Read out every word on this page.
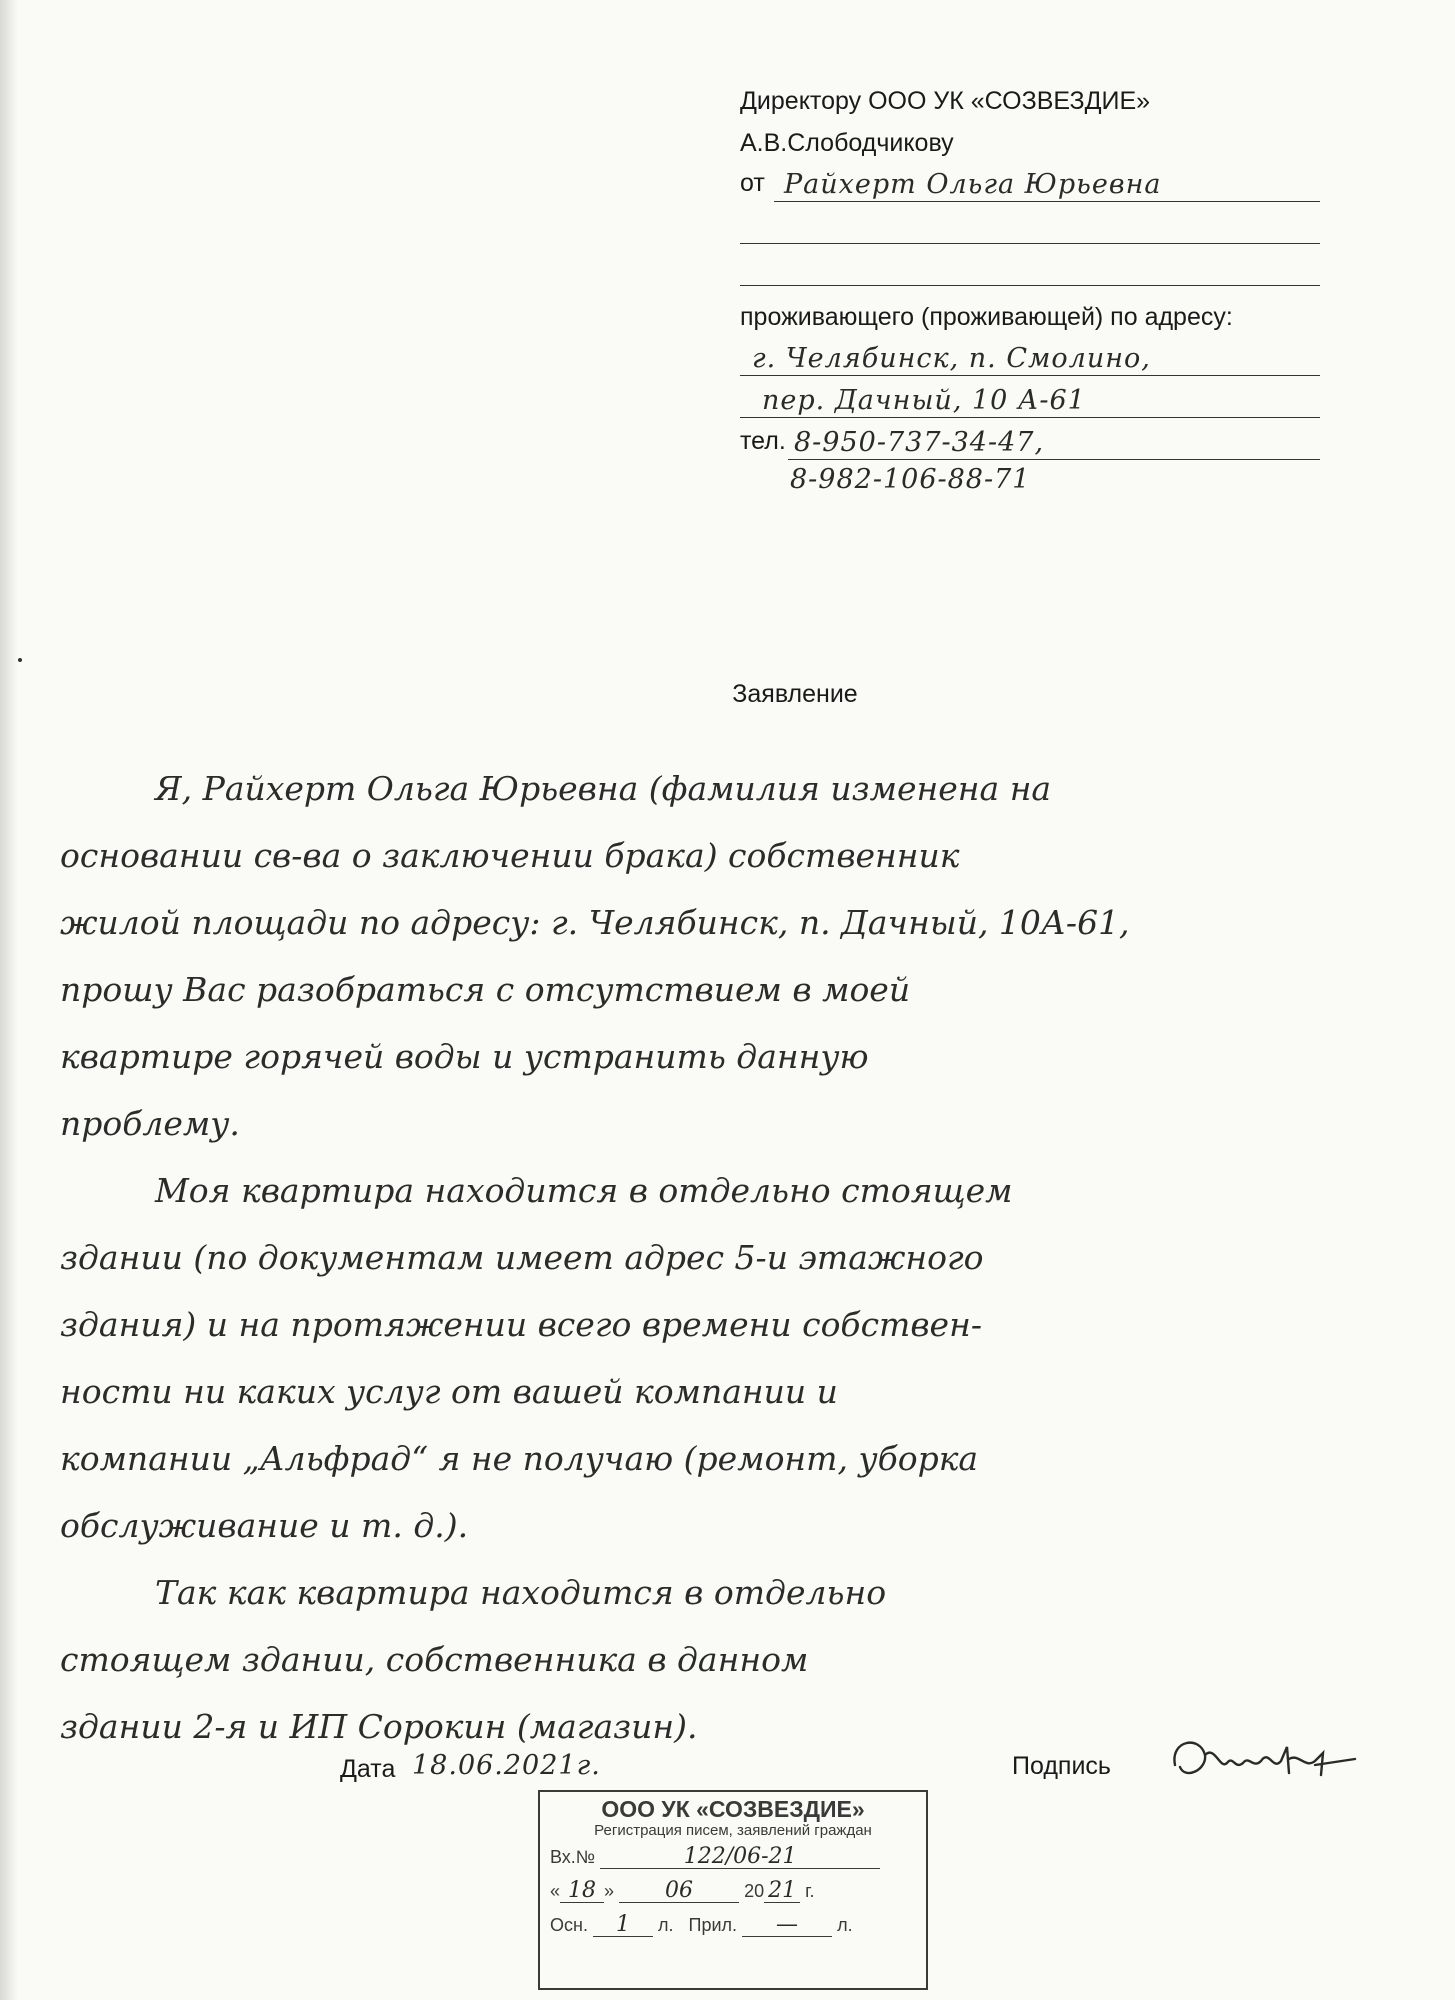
Директору ООО УК «СОЗВЕЗДИЕ»
А.В.Слободчикову
от Райхерт Ольга Юрьевна
проживающего (проживающей) по адресу:
г. Челябинск, п. Смолино,
пер. Дачный, 10 А-61
тел. 8-950-737-34-47,
8-982-106-88-71
Заявление
Я, Райхерт Ольга Юрьевна (фамилия изменена на
основании св-ва о заключении брака) собственник
жилой площади по адресу: г. Челябинск, п. Дачный, 10А-61,
прошу Вас разобраться с отсутствием в моей
квартире горячей воды и устранить данную
проблему.
Моя квартира находится в отдельно стоящем
здании (по документам имеет адрес 5-и этажного
здания) и на протяжении всего времени собствен-
ности ни каких услуг от вашей компании и
компании „Альфрад“ я не получаю (ремонт, уборка
обслуживание и т. д.).
Так как квартира находится в отдельно
стоящем здании, собственника в данном
здании 2-я и ИП Сорокин (магазин).
Дата 18.06.2021г.	Подпись
ООО УК «СОЗВЕЗДИЕ»
Регистрация писем, заявлений граждан
Вх.№	122/06-21
« 18 » 06	20 21 г.
Осн. 1 л. Прил. — л.
